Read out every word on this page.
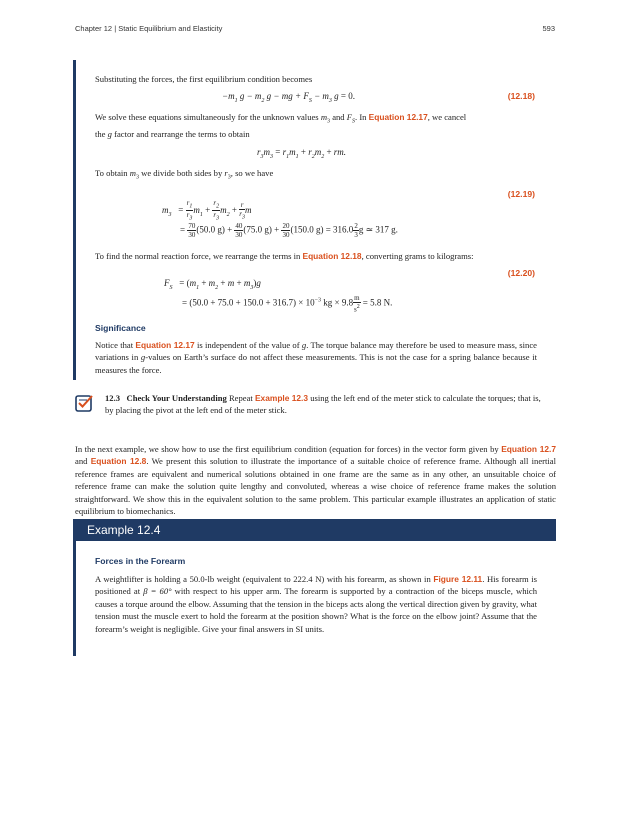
Chapter 12 | Static Equilibrium and Elasticity	593

Substituting the forces, the first equilibrium condition becomes

$-m_1$ $g - m_2$ g − mg + $F_S - m_3$ g = 0.	(12.18)

We solve these equations simultaneously for the unknown values $m_3$ and $F_S$. In Equation 12.17, we cancel
the g factor and rearrange the terms to obtain

$r_3m_3 = r_1m_1 + r_2m_2$ + rm.

To obtain $m_3$ we divide both sides by $r_3$, so we have

(12.19)
$m_3 = \frac{r_1}{r_3} m_1 + \frac{r_2}{r_3} m_2 + \frac{r}{r_3}$ m
= $\frac{70}{30} (50.0$ $g) + \frac{40}{30} (75.0$ $g) + \frac{20}{30} (150.0$ $g) = 316.0 \frac{2}{3}$ g ≃ 317 g.

To find the normal reaction force, we rearrange the terms in Equation 12.18, converting grams to kilograms:

(12.20)
$F_S = (m_1 + m_2 + m + m_3)g$
= $(50.0 + 75.0 + 150.0 + 316.7) \times 10^{-3}$ kg × $9.8 \frac{m}{s^2} = 5.8$ N.
Significance

Notice that Equation 12.17 is independent of the value of g. The torque balance may therefore be used to measure mass, since variations in g-values on Earth’s surface do not affect these measurements. This is not the case for a spring balance because it measures the force.

12.3 Check Your Understanding Repeat Example 12.3 using the left end of the meter stick to calculate the torques; that is, by placing the pivot at the left end of the meter stick.

In the next example, we show how to use the first equilibrium condition (equation for forces) in the vector form given by Equation 12.7 and Equation 12.8. We present this solution to illustrate the importance of a suitable choice of reference frame. Although all inertial reference frames are equivalent and numerical solutions obtained in one frame are the same as in any other, an unsuitable choice of reference frame can make the solution quite lengthy and convoluted, whereas a wise choice of reference frame makes the solution straightforward. We show this in the equivalent solution to the same problem. This particular example illustrates an application of static equilibrium to biomechanics.

Example 12.4
Forces in the Forearm

A weightlifter is holding a 50.0-lb weight (equivalent to 222.4 N) with his forearm, as shown in Figure 12.11. His forearm is positioned at β = 60° with respect to his upper arm. The forearm is supported by a contraction of the biceps muscle, which causes a torque around the elbow. Assuming that the tension in the biceps acts along the vertical direction given by gravity, what tension must the muscle exert to hold the forearm at the position shown? What is the force on the elbow joint? Assume that the forearm’s weight is negligible. Give your final answers in SI units.
